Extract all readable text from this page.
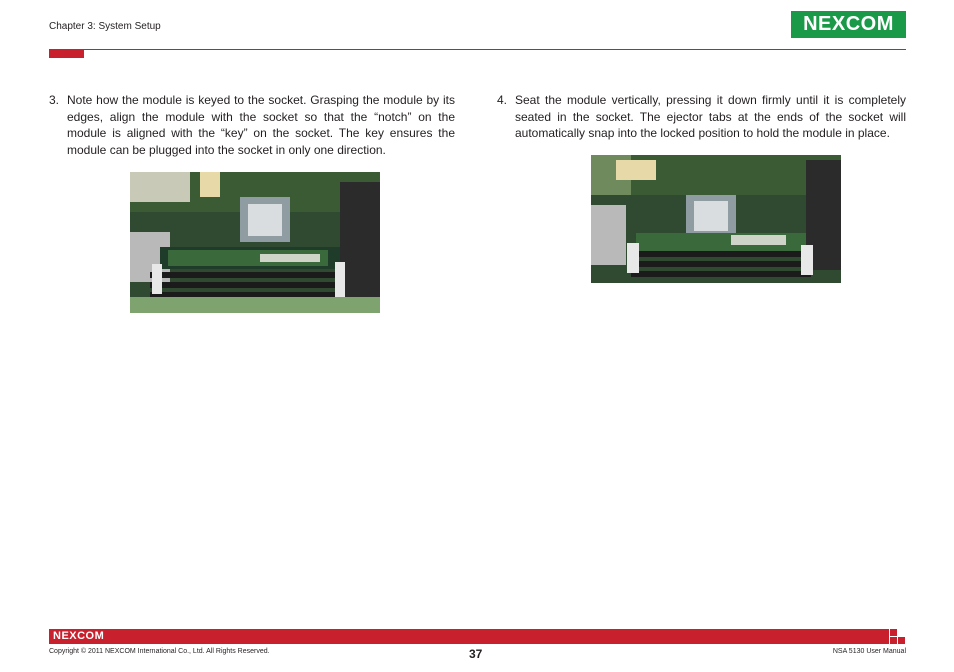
Chapter 3: System Setup	NEXCOM
3. Note how the module is keyed to the socket. Grasping the module by its edges, align the module with the socket so that the “notch” on the module is aligned with the “key” on the socket. The key ensures the module can be plugged into the socket in only one direction.
4. Seat the module vertically, pressing it down firmly until it is completely seated in the socket. The ejector tabs at the ends of the socket will automatically snap into the locked position to hold the module in place.
NEXCOM
Copyright © 2011 NEXCOM International Co., Ltd. All Rights Reserved.	37	NSA 5130 User Manual
